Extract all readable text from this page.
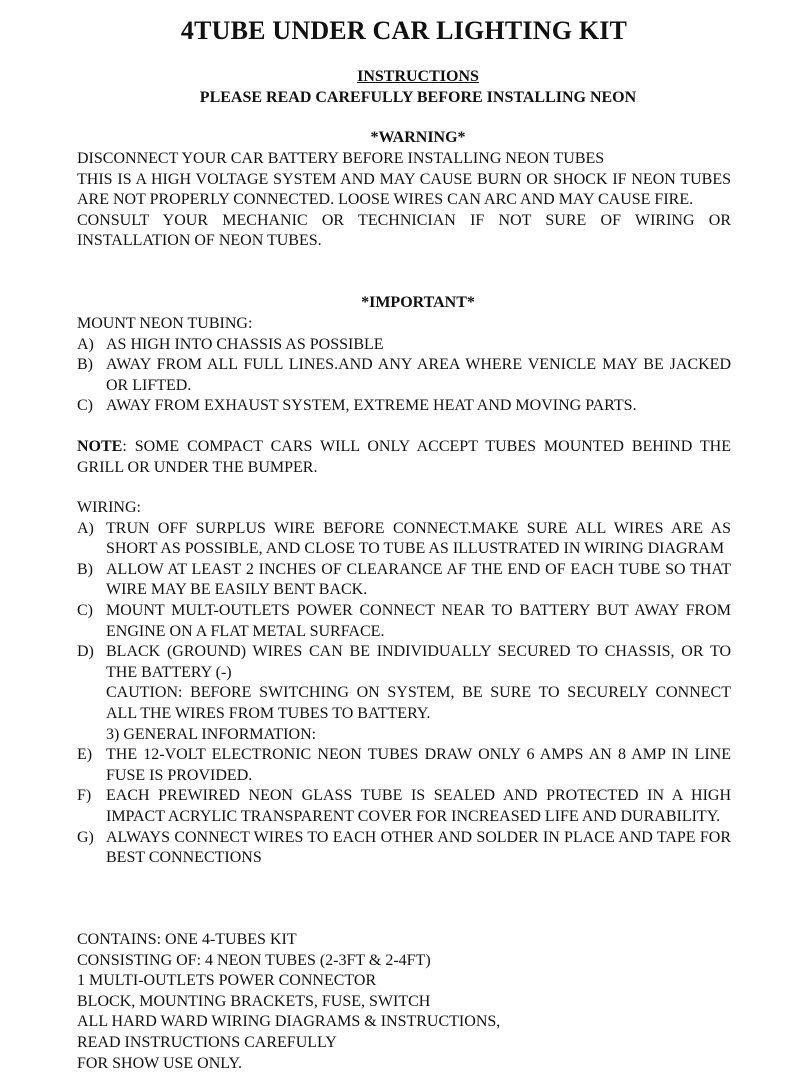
4TUBE UNDER CAR LIGHTING KIT
INSTRUCTIONS
PLEASE READ CAREFULLY BEFORE INSTALLING NEON
*WARNING*
DISCONNECT YOUR CAR BATTERY BEFORE INSTALLING NEON TUBES
THIS IS A HIGH VOLTAGE SYSTEM AND MAY CAUSE BURN OR SHOCK IF NEON TUBES ARE NOT PROPERLY CONNECTED. LOOSE WIRES CAN ARC AND MAY CAUSE FIRE.
CONSULT YOUR MECHANIC OR TECHNICIAN IF NOT SURE OF WIRING OR INSTALLATION OF NEON TUBES.
*IMPORTANT*
MOUNT NEON TUBING:
A) AS HIGH INTO CHASSIS AS POSSIBLE
B) AWAY FROM ALL FULL LINES.AND ANY AREA WHERE VENICLE MAY BE JACKED OR LIFTED.
C) AWAY FROM EXHAUST SYSTEM, EXTREME HEAT AND MOVING PARTS.
NOTE: SOME COMPACT CARS WILL ONLY ACCEPT TUBES MOUNTED BEHIND THE GRILL OR UNDER THE BUMPER.
WIRING:
A) TRUN OFF SURPLUS WIRE BEFORE CONNECT.MAKE SURE ALL WIRES ARE AS SHORT AS POSSIBLE, AND CLOSE TO TUBE AS ILLUSTRATED IN WIRING DIAGRAM
B) ALLOW AT LEAST 2 INCHES OF CLEARANCE AF THE END OF EACH TUBE SO THAT WIRE MAY BE EASILY BENT BACK.
C) MOUNT MULT-OUTLETS POWER CONNECT NEAR TO BATTERY BUT AWAY FROM ENGINE ON A FLAT METAL SURFACE.
D) BLACK (GROUND) WIRES CAN BE INDIVIDUALLY SECURED TO CHASSIS, OR TO THE BATTERY (-)
CAUTION: BEFORE SWITCHING ON SYSTEM, BE SURE TO SECURELY CONNECT ALL THE WIRES FROM TUBES TO BATTERY.
3) GENERAL INFORMATION:
E) THE 12-VOLT ELECTRONIC NEON TUBES DRAW ONLY 6 AMPS AN 8 AMP IN LINE FUSE IS PROVIDED.
F) EACH PREWIRED NEON GLASS TUBE IS SEALED AND PROTECTED IN A HIGH IMPACT ACRYLIC TRANSPARENT COVER FOR INCREASED LIFE AND DURABILITY.
G) ALWAYS CONNECT WIRES TO EACH OTHER AND SOLDER IN PLACE AND TAPE FOR BEST CONNECTIONS
CONTAINS: ONE 4-TUBES KIT
CONSISTING OF: 4 NEON TUBES (2-3FT & 2-4FT)
1 MULTI-OUTLETS POWER CONNECTOR
BLOCK, MOUNTING BRACKETS, FUSE, SWITCH
ALL HARD WARD WIRING DIAGRAMS & INSTRUCTIONS,
READ INSTRUCTIONS CAREFULLY
FOR SHOW USE ONLY.
